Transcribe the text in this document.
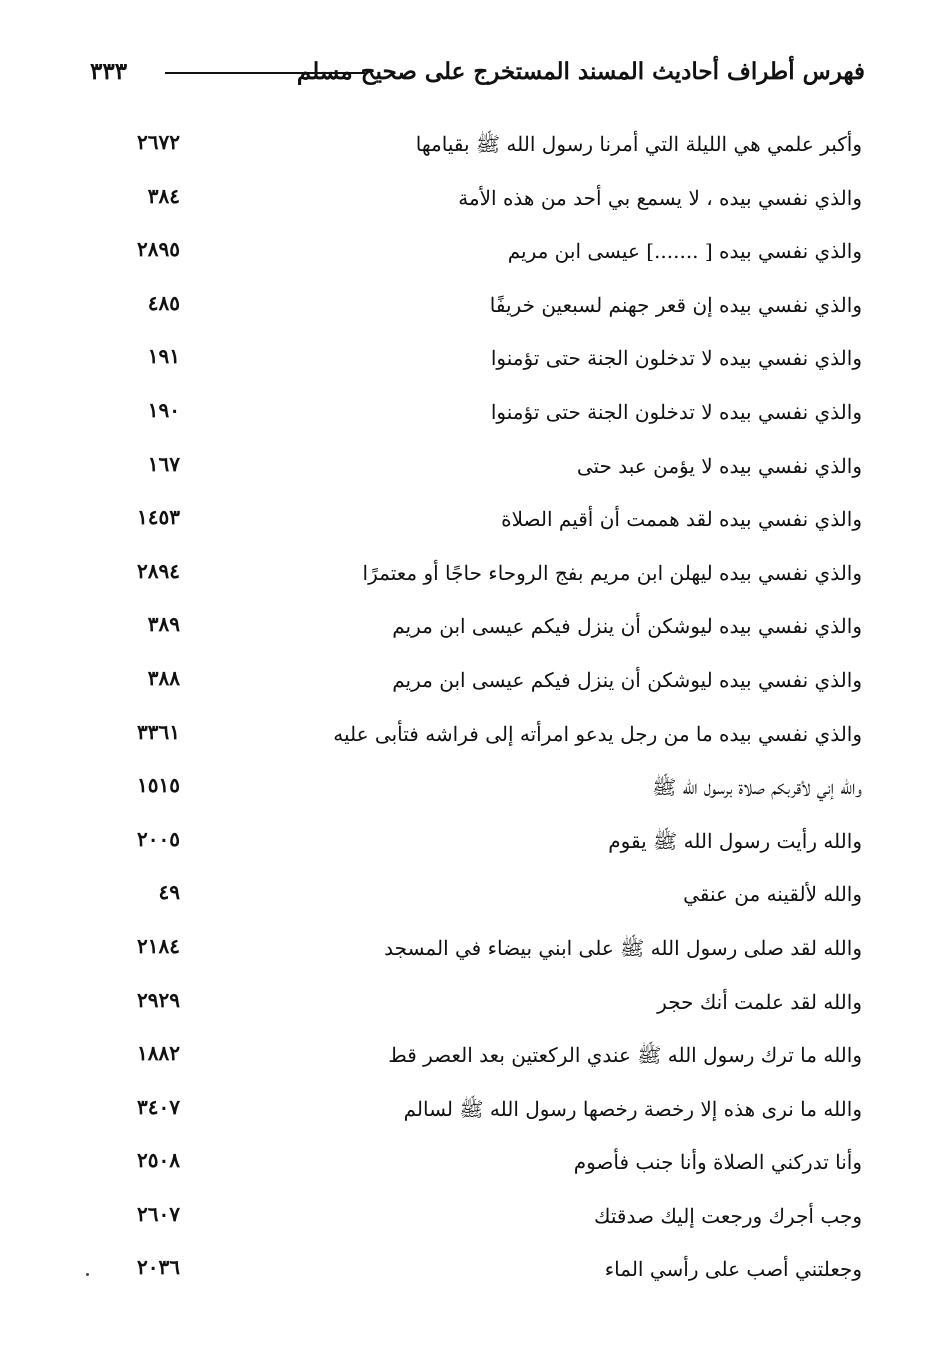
فهرس أطراف أحاديث المسند المستخرج على صحيح مسلم
٣٣٣
وأكبر علمي هي الليلة التي أمرنا رسول الله ﷺ بقيامها
٢٦٧٢
والذي نفسي بيده ، لا يسمع بي أحد من هذه الأمة
٣٨٤
والذي نفسي بيده [ .......] عيسى ابن مريم
٢٨٩٥
والذي نفسي بيده إن قعر جهنم لسبعين خريفًا
٤٨٥
والذي نفسي بيده لا تدخلون الجنة حتى تؤمنوا
١٩١
والذي نفسي بيده لا تدخلون الجنة حتى تؤمنوا
١٩٠
والذي نفسي بيده لا يؤمن عبد حتى
١٦٧
والذي نفسي بيده لقد هممت أن أقيم الصلاة
١٤٥٣
والذي نفسي بيده ليهلن ابن مريم بفج الروحاء حاجًا أو معتمرًا
٢٨٩٤
والذي نفسي بيده ليوشكن أن ينزل فيكم عيسى ابن مريم
٣٨٩
والذي نفسي بيده ليوشكن أن ينزل فيكم عيسى ابن مريم
٣٨٨
والذي نفسي بيده ما من رجل يدعو امرأته إلى فراشه فتأبى عليه
٣٣٦١
والله إني لأقربكم صلاة برسول الله ﷺ
١٥١٥
والله رأيت رسول الله ﷺ يقوم
٢٠٠٥
والله لألقينه من عنقي
٤٩
والله لقد صلى رسول الله ﷺ على ابني بيضاء في المسجد
٢١٨٤
والله لقد علمت أنك حجر
٢٩٢٩
والله ما ترك رسول الله ﷺ عندي الركعتين بعد العصر قط
١٨٨٢
والله ما نرى هذه إلا رخصة رخصها رسول الله ﷺ لسالم
٣٤٠٧
وأنا تدركني الصلاة وأنا جنب فأصوم
٢٥٠٨
وجب أجرك ورجعت إليك صدقتك
٢٦٠٧
وجعلتني أصب على رأسي الماء
٢٠٣٦
